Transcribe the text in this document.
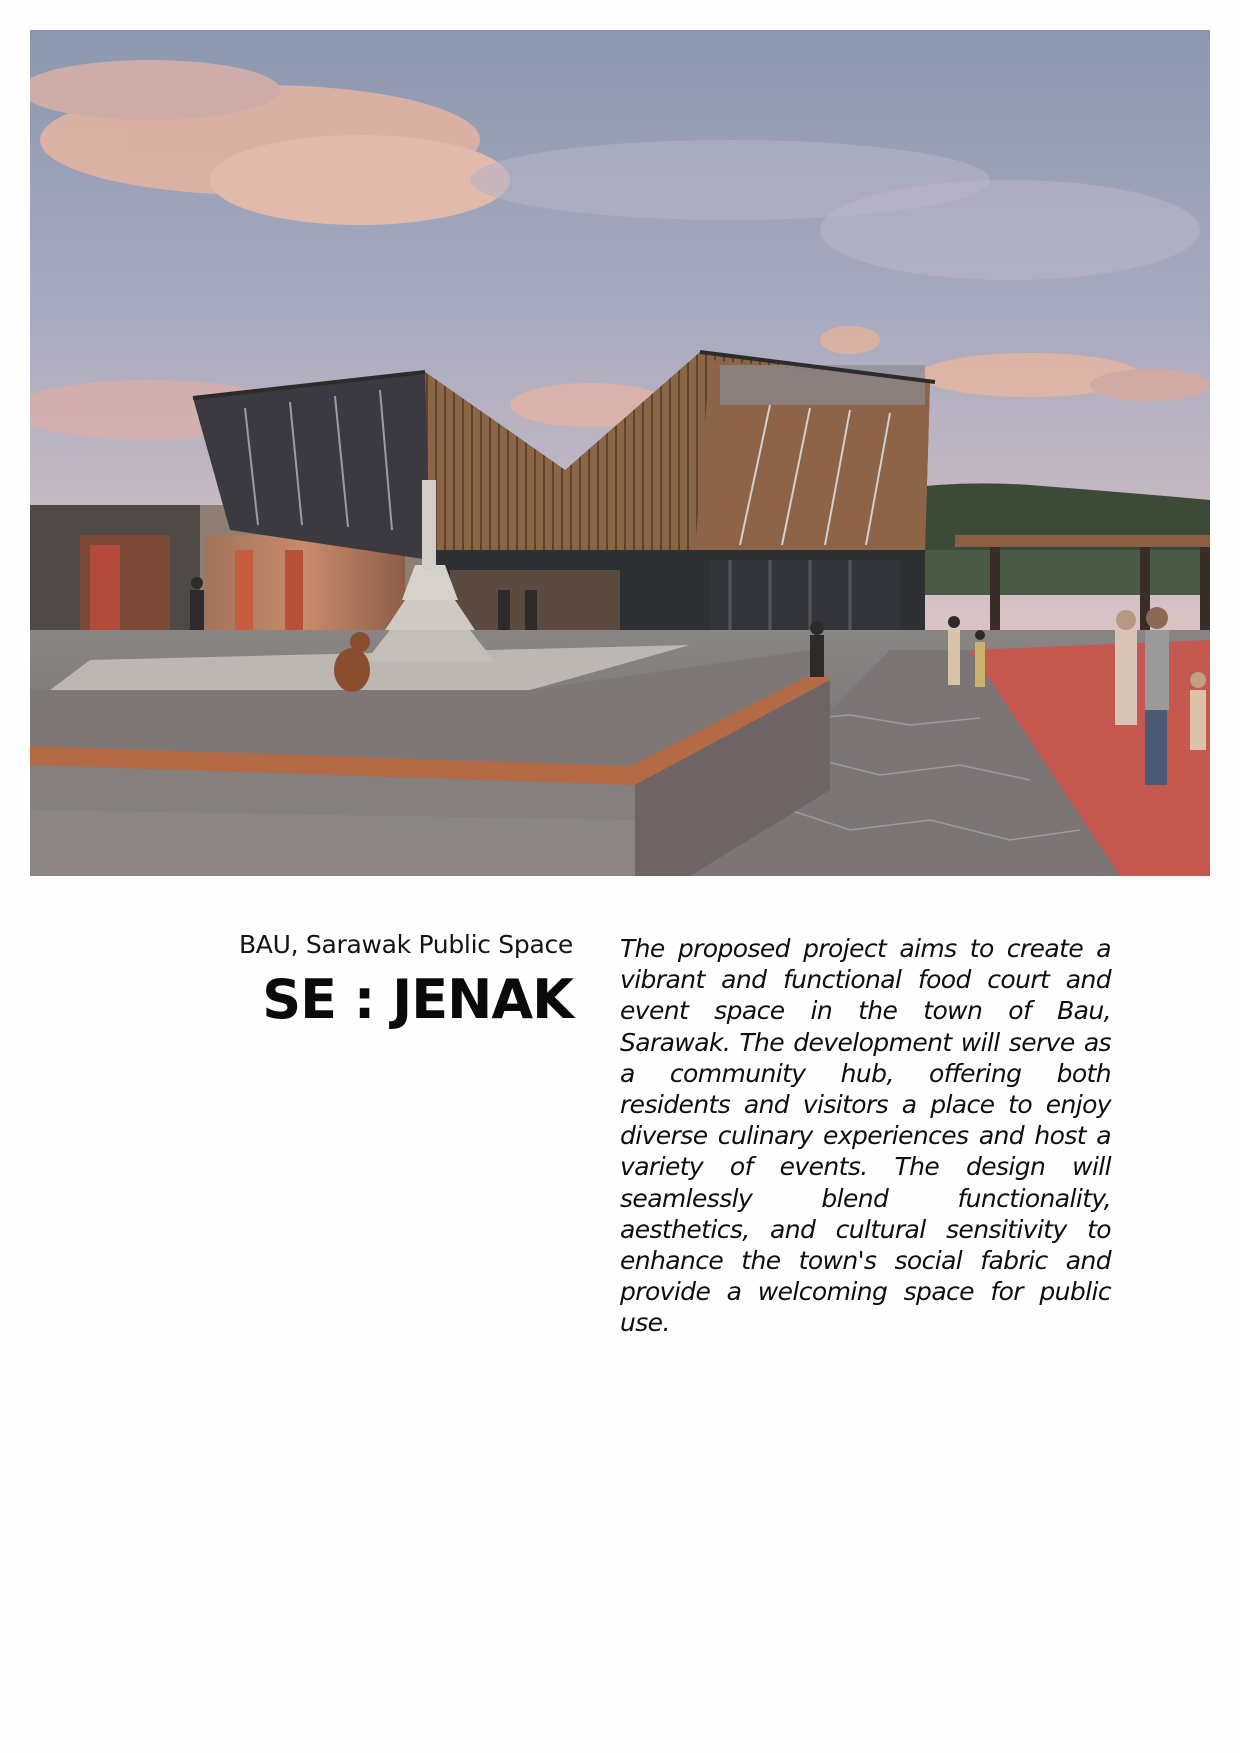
BAU, Sarawak Public Space
SE : JENAK

The proposed project aims to create a vibrant and functional food court and event space in the town of Bau, Sarawak. The development will serve as a community hub, offering both residents and visitors a place to enjoy diverse culinary experiences and host a variety of events. The design will seamlessly blend functionality, aesthetics, and cultural sensitivity to enhance the town's social fabric and provide a welcoming space for public use.
